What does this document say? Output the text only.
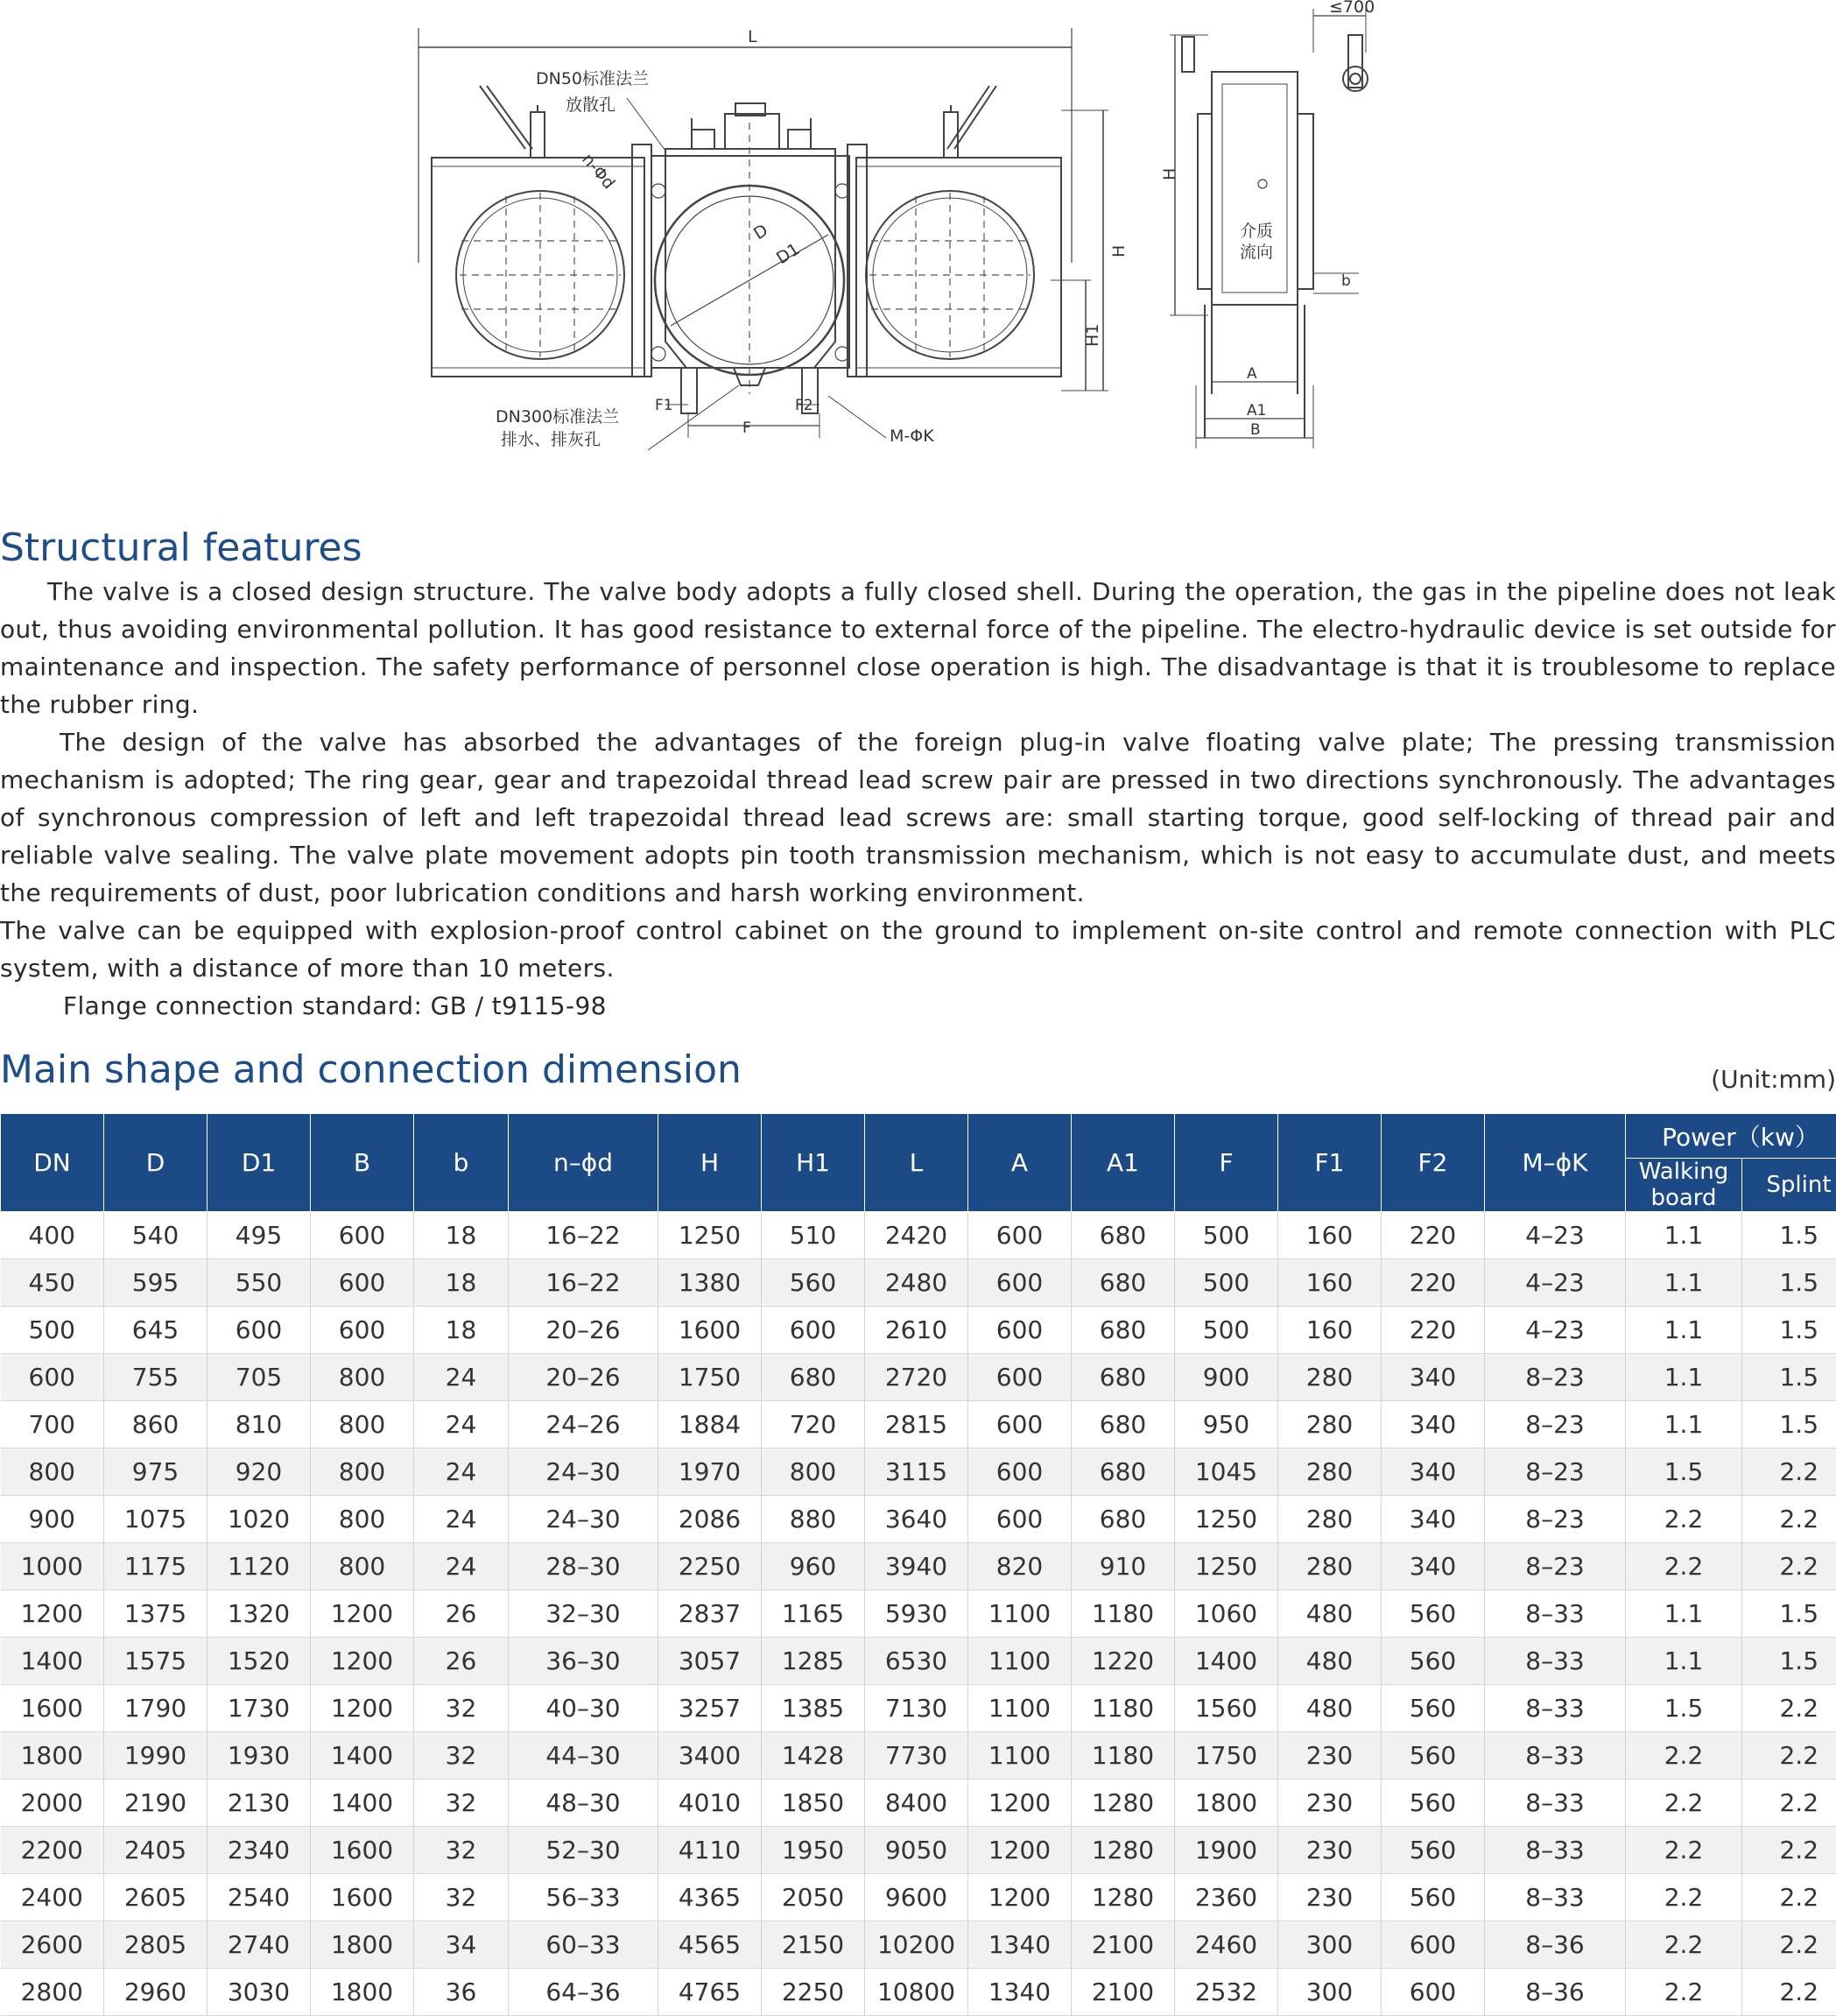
L
≤700
DN50标准法兰
放散孔
n-Φd
D
D1	H
H1
F1
F
F2
DN300标准法兰
排水、排灰孔	M-ΦK
H
介质
流向
b
A
A1
B
Structural features

The valve is a closed design structure. The valve body adopts a fully closed shell. During the operation, the gas in the pipeline does not leak out, thus avoiding environmental pollution. It has good resistance to external force of the pipeline. The electro-hydraulic device is set outside for maintenance and inspection. The safety performance of personnel close operation is high. The disadvantage is that it is troublesome to replace the rubber ring.

The design of the valve has absorbed the advantages of the foreign plug-in valve floating valve plate; The pressing transmission mechanism is adopted; The ring gear, gear and trapezoidal thread lead screw pair are pressed in two directions synchronously. The advantages of synchronous compression of left and left trapezoidal thread lead screws are: small starting torque, good self-locking of thread pair and reliable valve sealing. The valve plate movement adopts pin tooth transmission mechanism, which is not easy to accumulate dust, and meets the requirements of dust, poor lubrication conditions and harsh working environment.

The valve can be equipped with explosion-proof control cabinet on the ground to implement on-site control and remote connection with PLC system, with a distance of more than 10 meters.

Flange connection standard: GB / t9115-98

Main shape and connection dimension	(Unit:mm)
DN	D	D1	B	b	n–ϕd	H	H1	L	A	A1	F	F1	F2	M–ϕK	Power（kw）	
															Walking board	Splint
400	540	495	600	18	16–22	1250	510	2420	600	680	500	160	220	4–23	1.1	1.5
450	595	550	600	18	16–22	1380	560	2480	600	680	500	160	220	4–23	1.1	1.5
500	645	600	600	18	20–26	1600	600	2610	600	680	500	160	220	4–23	1.1	1.5
600	755	705	800	24	20–26	1750	680	2720	600	680	900	280	340	8–23	1.1	1.5
700	860	810	800	24	24–26	1884	720	2815	600	680	950	280	340	8–23	1.1	1.5
800	975	920	800	24	24–30	1970	800	3115	600	680	1045	280	340	8–23	1.5	2.2
900	1075	1020	800	24	24–30	2086	880	3640	600	680	1250	280	340	8–23	2.2	2.2
1000	1175	1120	800	24	28–30	2250	960	3940	820	910	1250	280	340	8–23	2.2	2.2
1200	1375	1320	1200	26	32–30	2837	1165	5930	1100	1180	1060	480	560	8–33	1.1	1.5
1400	1575	1520	1200	26	36–30	3057	1285	6530	1100	1220	1400	480	560	8–33	1.1	1.5
1600	1790	1730	1200	32	40–30	3257	1385	7130	1100	1180	1560	480	560	8–33	1.5	2.2
1800	1990	1930	1400	32	44–30	3400	1428	7730	1100	1180	1750	230	560	8–33	2.2	2.2
2000	2190	2130	1400	32	48–30	4010	1850	8400	1200	1280	1800	230	560	8–33	2.2	2.2
2200	2405	2340	1600	32	52–30	4110	1950	9050	1200	1280	1900	230	560	8–33	2.2	2.2
2400	2605	2540	1600	32	56–33	4365	2050	9600	1200	1280	2360	230	560	8–33	2.2	2.2
2600	2805	2740	1800	34	60–33	4565	2150	10200	1340	2100	2460	300	600	8–36	2.2	2.2
2800	2960	3030	1800	36	64–36	4765	2250	10800	1340	2100	2532	300	600	8–36	2.2	2.2
